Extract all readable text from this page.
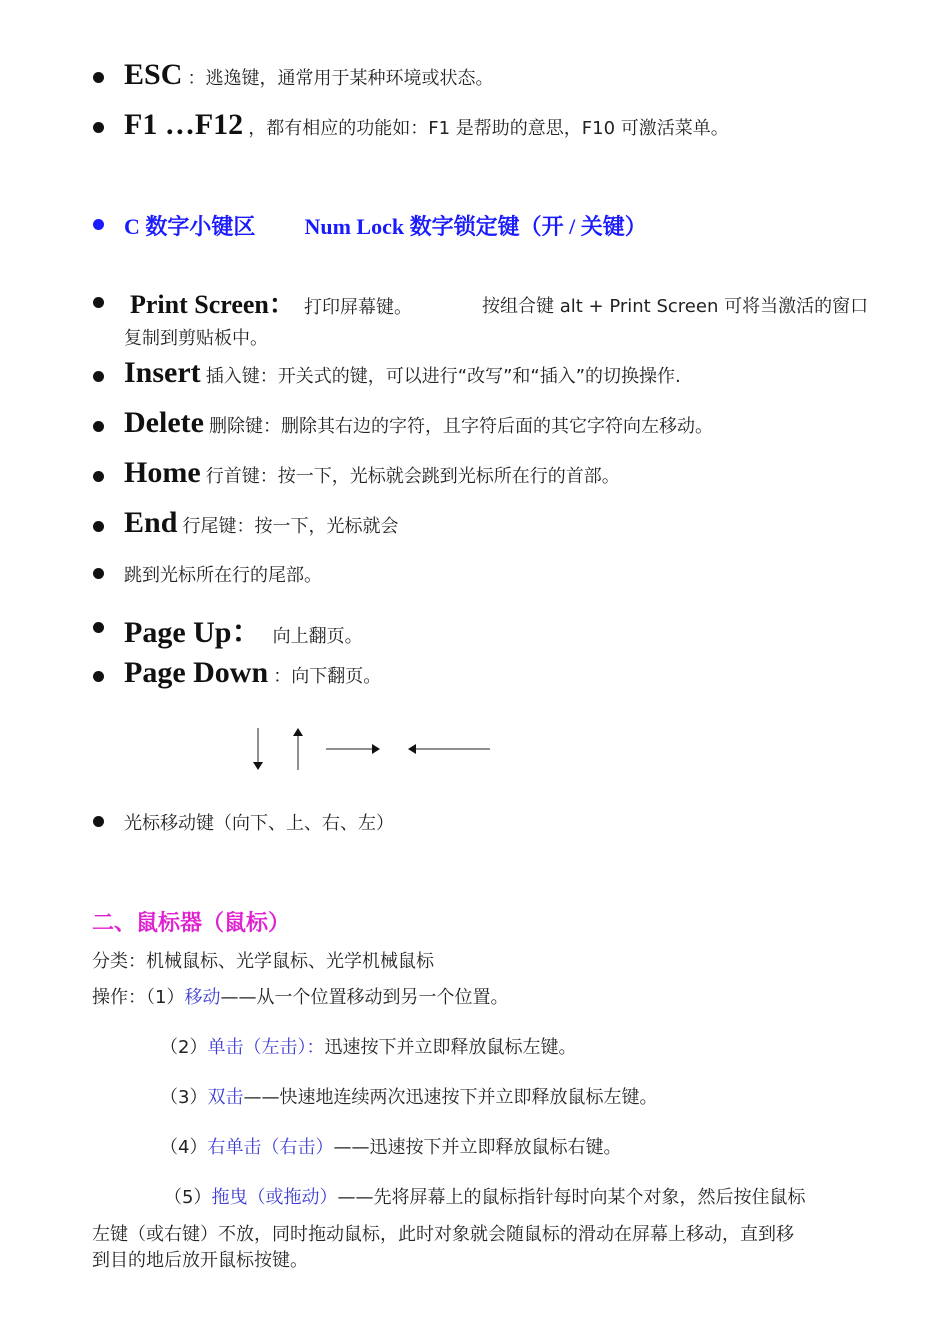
ESC ：逃逸键，通常用于某种环境或状态。
F1 …F12 ，都有相应的功能如：F1 是帮助的意思，F10 可激活菜单。
C 数字小键区 Num Lock 数字锁定键（开 / 关键）
Print Screen： 打印屏幕键。	按组合键 alt + Print Screen 可将当激活的窗口
复制到剪贴板中。
Insert 插入键：开关式的键，可以进行“改写”和“插入”的切换操作.
Delete 删除键：删除其右边的字符，且字符后面的其它字符向左移动。
Home 行首键：按一下，光标就会跳到光标所在行的首部。
End 行尾键：按一下，光标就会
跳到光标所在行的尾部。
Page Up： 向上翻页。
Page Down ：向下翻页。
光标移动键（向下、上、右、左）
二、鼠标器（鼠标）
分类：机械鼠标、光学鼠标、光学机械鼠标
操作：（1）移动——从一个位置移动到另一个位置。
（2）单击（左击）：迅速按下并立即释放鼠标左键。
（3）双击——快速地连续两次迅速按下并立即释放鼠标左键。
（4）右单击（右击）——迅速按下并立即释放鼠标右键。
（5）拖曳（或拖动）——先将屏幕上的鼠标指针每时向某个对象，然后按住鼠标
左键（或右键）不放，同时拖动鼠标，此时对象就会随鼠标的滑动在屏幕上移动，直到移
到目的地后放开鼠标按键。
